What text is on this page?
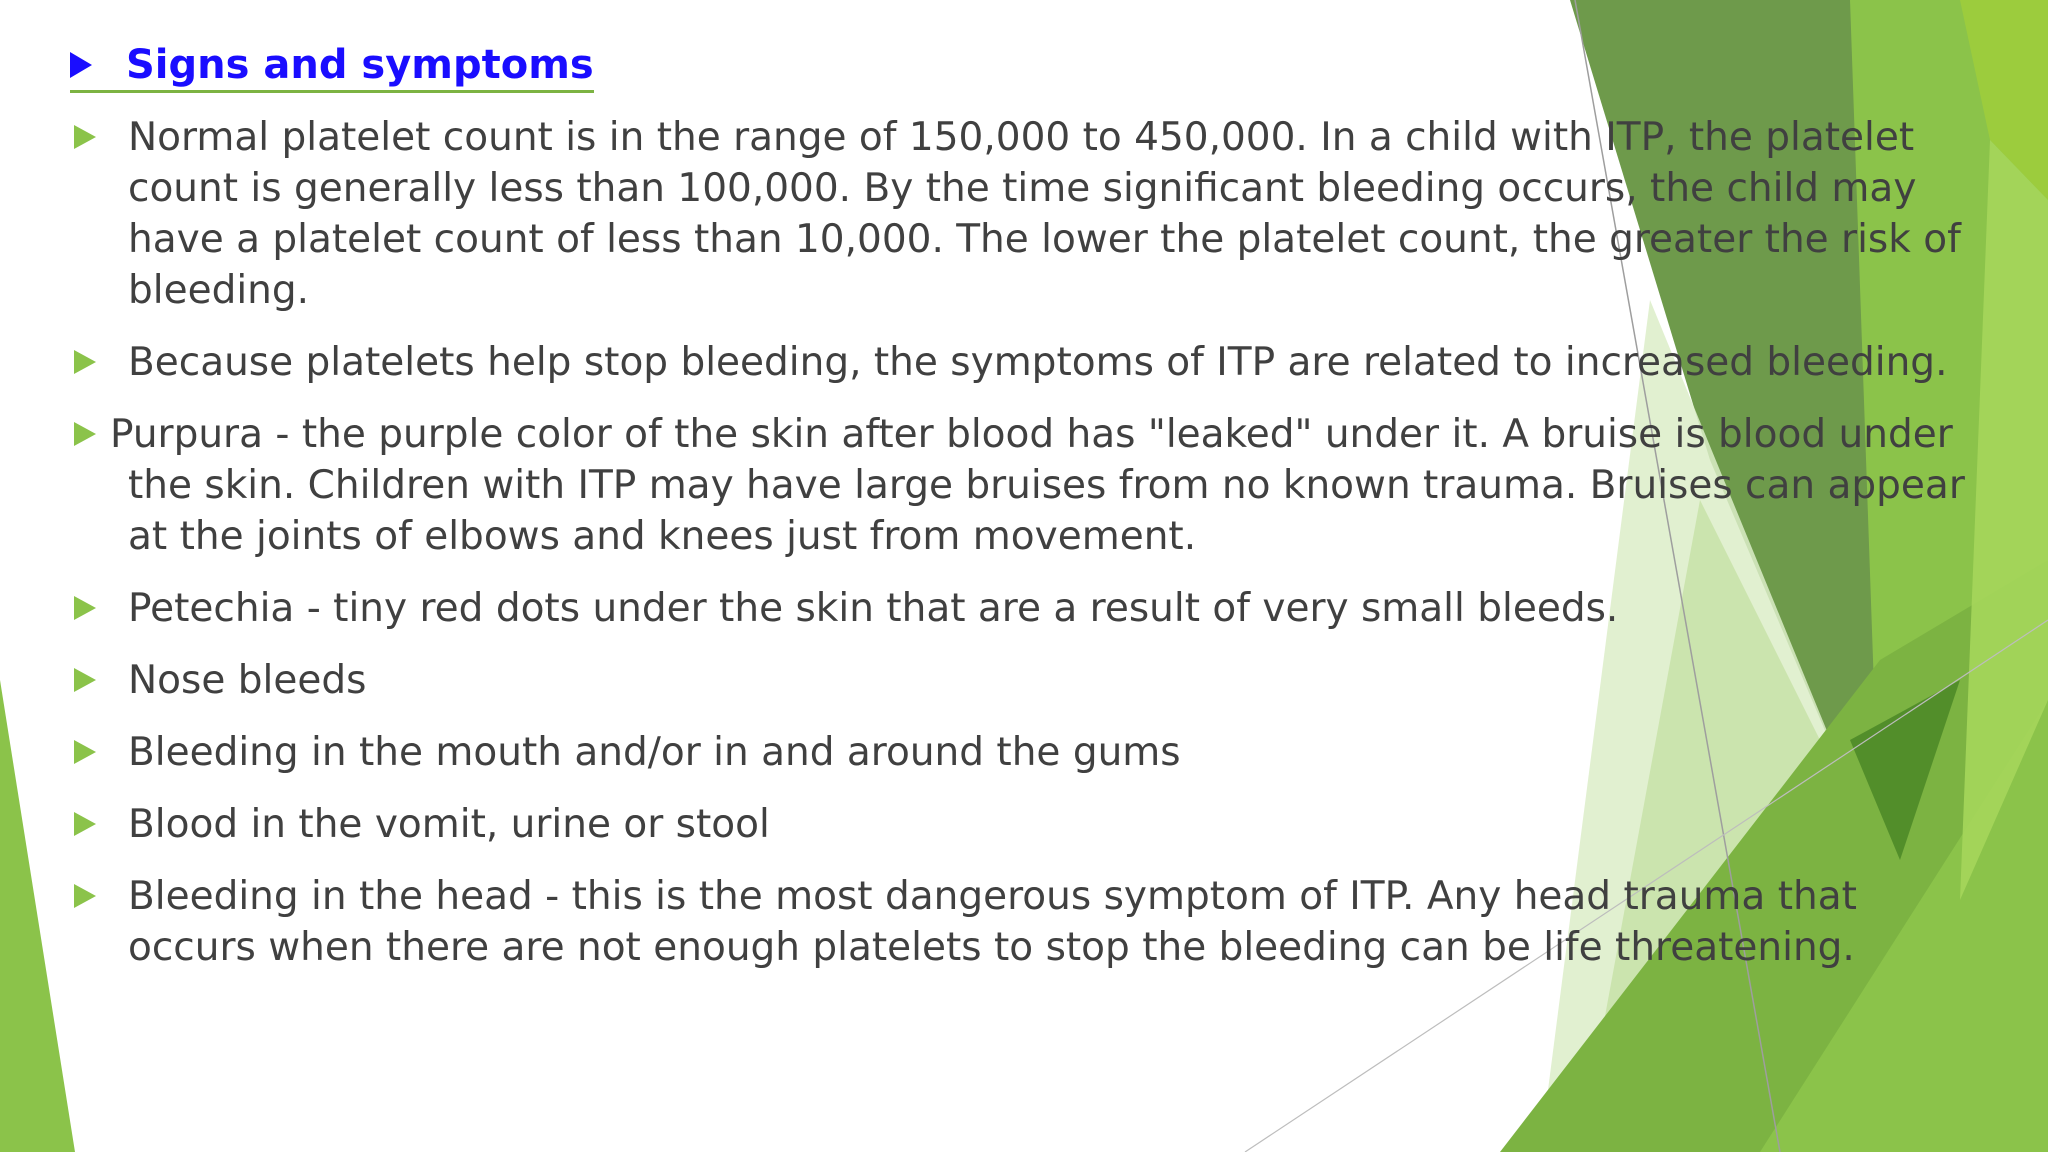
Signs and symptoms
Normal platelet count is in the range of 150,000 to 450,000. In a child with ITP, the platelet count is generally less than 100,000. By the time significant bleeding occurs, the child may have a platelet count of less than 10,000. The lower the platelet count, the greater the risk of bleeding.
Because platelets help stop bleeding, the symptoms of ITP are related to increased bleeding.
Purpura - the purple color of the skin after blood has "leaked" under it. A bruise is blood under the skin. Children with ITP may have large bruises from no known trauma. Bruises can appear at the joints of elbows and knees just from movement.
Petechia - tiny red dots under the skin that are a result of very small bleeds.
Nose bleeds
Bleeding in the mouth and/or in and around the gums
Blood in the vomit, urine or stool
Bleeding in the head - this is the most dangerous symptom of ITP. Any head trauma that occurs when there are not enough platelets to stop the bleeding can be life threatening.
